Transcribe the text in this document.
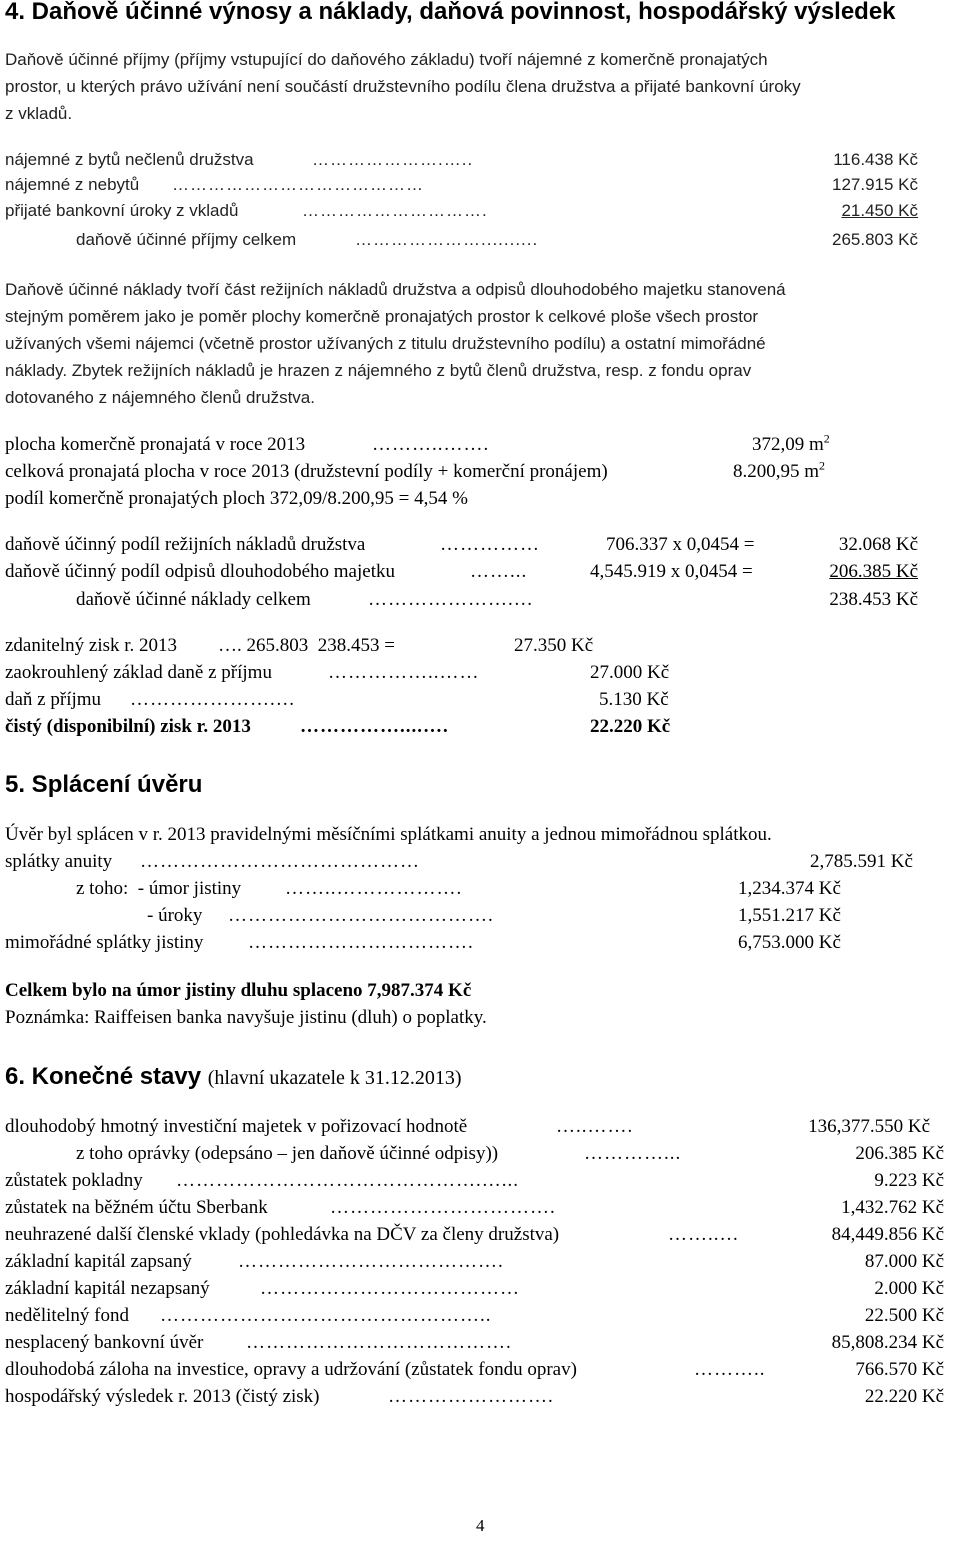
4. Daňově účinné výnosy a náklady, daňová povinnost, hospodářský výsledek
Daňově účinné příjmy (příjmy vstupující do daňového základu) tvoří nájemné z komerčně pronajatých
prostor, u kterých právo užívání není součástí družstevního podílu člena družstva a přijaté bankovní úroky
z vkladů.
nájemné z bytů nečlenů družstva	………………….…..	116.438 Kč
nájemné z nebytů ……………………………………	127.915 Kč
přijaté bankovní úroky z vkladů	………………………….	21.450 Kč
daňově účinné příjmy celkem	…………………..........	265.803 Kč
Daňově účinné náklady tvoří část režijních nákladů družstva a odpisů dlouhodobého majetku stanovená
stejným poměrem jako je poměr plochy komerčně pronajatých prostor k celkové ploše všech prostor
užívaných všemi nájemci (včetně prostor užívaných z titulu družstevního podílu) a ostatní mimořádné
náklady. Zbytek režijních nákladů je hrazen z nájemného z bytů členů družstva, resp. z fondu oprav
dotovaného z nájemného členů družstva.
plocha komerčně pronajatá v roce 2013	………..…….	372,09 $m^2$
celková pronajatá plocha v roce 2013 (družstevní podíly + komerční pronájem)	8.200,95 $m^2$
podíl komerčně pronajatých ploch 372,09/8.200,95 = 4,54 %
daňově účinný podíl režijních nákladů družstva	……………	706.337 x 0,0454 =	32.068 Kč
daňově účinný podíl odpisů dlouhodobého majetku	……...	4,545.919 x 0,0454 =	206.385 Kč
daňově účinné náklady celkem	………………….…	238.453 Kč
zdanitelný zisk r. 2013 …. 265.803  238.453 =	27.350 Kč
zaokrouhlený základ daně z příjmu	……………..……	27.000 Kč
daň z příjmu ………………….…	5.130 Kč
čistý (disponibilní) zisk r. 2013	……………....….	22.220 Kč
5. Splácení úvěru
Úvěr byl splácen v r. 2013 pravidelnými měsíčními splátkami anuity a jednou mimořádnou splátkou.
splátky anuity ……………………………………	2,785.591 Kč
z toho:  - úmor jistiny ……..……………….	1,234.374 Kč
- úroky ………………………………….	1,551.217 Kč
mimořádné splátky jistiny …………………………….	6,753.000 Kč
Celkem bylo na úmor jistiny dluhu splaceno 7,987.374 Kč
Poznámka: Raiffeisen banka navyšuje jistinu (dluh) o poplatky.
6. Konečné stavy (hlavní ukazatele k 31.12.2013)
dlouhodobý hmotný investiční majetek v pořizovací hodnotě	…..…….	136,377.550 Kč
z toho oprávky (odepsáno – jen daňově účinné odpisy))	…………...	206.385 Kč
zůstatek pokladny ……………………………………….…...	9.223 Kč
zůstatek na běžném účtu Sberbank	…………………………….	1,432.762 Kč
neuhrazené další členské vklady (pohledávka na DČV za členy družstva)	……..…	84,449.856 Kč
základní kapitál zapsaný ………………………………….	87.000 Kč
základní kapitál nezapsaný	…………………………………	2.000 Kč
nedělitelný fond …………………………………………..	22.500 Kč
nesplacený bankovní úvěr ………………………………….	85,808.234 Kč
dlouhodobá záloha na investice, opravy a udržování (zůstatek fondu oprav)	………..	766.570 Kč
hospodářský výsledek r. 2013 (čistý zisk)	…………………….	22.220 Kč
4
